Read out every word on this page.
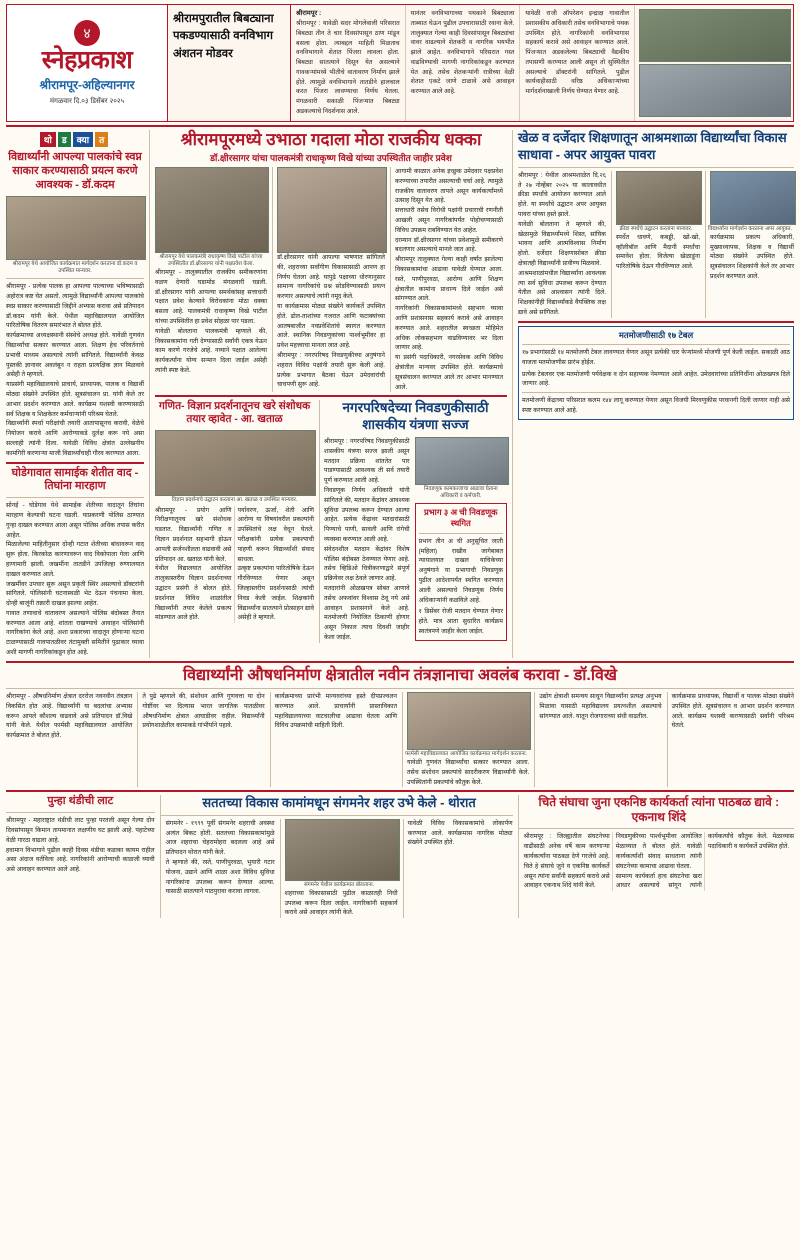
४
स्नेहप्रकाश
श्रीरामपूर-अहिल्यानगर
मंगळवार दि.०३ डिसेंबर २०२५
श्रीरामपुरातील बिबट्याना पकडण्यासाठी वनविभाग अंशतन मोडवर
श्रीरामपूर :
श्रीरामपूर : यावेळी सदर मोगलेवाली परिसरात बिबट्या तीन ते चार दिवसांपासून ठाण मांडून बसला होता. त्याबद्दल माहिती मिळताच वनविभागाने शेतात पिंजरा लावला होता. बिबट्या सातत्याने दिसून येत असल्याने गावकऱ्यांमध्ये भीतीचे वातावरण निर्माण झाले होते. त्यामुळे वनविभागाने तातडीने हालचाल करत पिंजरा लावण्याचा निर्णय घेतला. मंगळवारी सकाळी पिंजऱ्यात बिबट्या अडकल्याचे निदर्शनास आले.
यानंतर वनविभागाच्या पथकाने बिबट्याला ताब्यात घेऊन पुढील उपचारासाठी रवाना केले. तालुक्यात गेल्या काही दिवसांपासून बिबट्यांचा वावर वाढल्याने शेतकरी व नागरिक भयभीत झाले आहेत. वनविभागाने परिसरात गस्त वाढविण्याची मागणी नागरिकांकडून करण्यात येत आहे. तसेच शेतकऱ्यांनी रात्रीच्या वेळी शेतात एकटे जाणे टाळावे असे आवाहन करण्यात आले आहे.
यावेळी राजी ऑपरेशन इन्द्राक्ष गावातील प्रशासकीय अधिकारी तसेच वनविभागाचे पथक उपस्थित होते. नागरिकांनी वनविभागास सहकार्य करावे असे आवाहन करण्यात आले. पिंजऱ्यात अडकलेल्या बिबट्याची वैद्यकीय तपासणी करण्यात आली असून तो सुस्थितीत असल्याचे डॉक्टरांनी सांगितले. पुढील कार्यवाहीसाठी वरिष्ठ अधिकाऱ्यांच्या मार्गदर्शनाखाली निर्णय घेण्यात येणार आहे.
थो ड क्या त
विद्यार्थ्यांनी आपल्या पालकांचे स्वप्न साकार करण्यासाठी प्रयत्न करणे आवश्यक - डॉ.कदम
श्रीरामपूर येथे आयोजित कार्यक्रमात मार्गदर्शन करताना डॉ.कदम व उपस्थित मान्यवर.
श्रीरामपूर - प्रत्येक पालक हा आपल्या पाल्याच्या भविष्यासाठी अहोरात्र कष्ट घेत असतो. त्यामुळे विद्यार्थ्यांनी आपल्या पालकांचे स्वप्न साकार करण्यासाठी जिद्दीने अभ्यास करावा असे प्रतिपादन डॉ.कदम यांनी केले. येथील महाविद्यालयात आयोजित पारितोषिक वितरण समारंभात ते बोलत होते.
कार्यक्रमाच्या अध्यक्षस्थानी संस्थेचे अध्यक्ष होते. यावेळी गुणवंत विद्यार्थ्यांचा सत्कार करण्यात आला. शिक्षण हेच परिवर्तनाचे प्रभावी माध्यम असल्याचे त्यांनी सांगितले. विद्यार्थ्यांनी केवळ पुस्तकी ज्ञानावर अवलंबून न राहता प्रात्यक्षिक ज्ञान मिळवावे असेही ते म्हणाले.
याप्रसंगी महाविद्यालयाचे प्राचार्य, प्राध्यापक, पालक व विद्यार्थी मोठ्या संख्येने उपस्थित होते. सूत्रसंचालन प्रा. यांनी केले तर आभार प्रदर्शन करण्यात आले. कार्यक्रम यशस्वी करण्यासाठी सर्व शिक्षक व शिक्षकेतर कर्मचाऱ्यांनी परिश्रम घेतले.
विद्यार्थ्यांनी स्पर्धा परीक्षांची तयारी आतापासूनच करावी, वेळेचे नियोजन करावे आणि आरोग्याकडे दुर्लक्ष करू नये असा सल्लाही त्यांनी दिला. यावेळी विविध क्षेत्रांत उल्लेखनीय कामगिरी करणाऱ्या माजी विद्यार्थ्यांचाही गौरव करण्यात आला.
घोडेगावात सामाईक शेतीत वाद - तिघांना मारहाण
सोनई - घोडेगाव येथे सामाईक शेतीच्या वादातून तिघांना मारहाण केल्याची घटना घडली. याप्रकरणी पोलिस ठाण्यात गुन्हा दाखल करण्यात आला असून पोलिस अधिक तपास करीत आहेत.
मिळालेल्या माहितीनुसार दोन्ही गटात शेतीच्या बांधावरून वाद सुरू होता. किरकोळ कारणावरून वाद विकोपाला गेला आणि हाणामारी झाली. जखमींना तातडीने उपजिल्हा रुग्णालयात दाखल करण्यात आले.
जखमींवर उपचार सुरू असून प्रकृती स्थिर असल्याचे डॉक्टरांनी सांगितले. पोलिसांनी घटनास्थळी भेट देऊन पंचनामा केला. दोन्ही बाजूंनी तक्रारी दाखल झाल्या आहेत.
गावात तणावाचे वातावरण असल्याने पोलिस बंदोबस्त तैनात करण्यात आला आहे. शांतता राखण्याचे आवाहन पोलिसांनी नागरिकांना केले आहे. अशा प्रकारच्या वादातून होणाऱ्या घटना टाळण्यासाठी गावपातळीवर तंटामुक्ती समितीने पुढाकार घ्यावा अशी मागणी नागरिकांकडून होत आहे.
श्रीरामपूरमध्ये उभाठा गदाला मोठा राजकीय धक्का
डॉ.क्षीरसागर यांचा पालकमंत्री राधाकृष्ण विखे यांच्या उपस्थितीत जाहीर प्रवेश
श्रीरामपूर येथे पालकमंत्री राधाकृष्ण विखे पाटील यांच्या उपस्थितीत डॉ.क्षीरसागर यांनी पक्षप्रवेश केला.
श्रीरामपूर - तालुक्यातील राजकीय समीकरणांना वळण देणारी घडामोड मंगळवारी घडली. डॉ.क्षीरसागर यांनी आपल्या समर्थकांसह सत्ताधारी पक्षात प्रवेश केल्याने विरोधकांना मोठा धक्का बसला आहे. पालकमंत्री राधाकृष्ण विखे पाटील यांच्या उपस्थितीत हा प्रवेश सोहळा पार पडला.
यावेळी बोलताना पालकमंत्री म्हणाले की, विकासकामांना गती देण्यासाठी सर्वांनी एकत्र येऊन काम करणे गरजेचे आहे. नव्याने पक्षात आलेल्या कार्यकर्त्यांना योग्य सन्मान दिला जाईल असेही त्यांनी स्पष्ट केले.
डॉ.क्षीरसागर यांनी आपल्या भाषणात सांगितले की, शहराच्या सर्वांगीण विकासासाठी आपण हा निर्णय घेतला आहे. यापुढे पक्षाच्या धोरणानुसार सामान्य नागरिकांचे प्रश्न सोडविण्यासाठी प्रयत्न करणार असल्याचे त्यांनी नमूद केले.
या कार्यक्रमास मोठ्या संख्येने कार्यकर्ते उपस्थित होते. ढोल-ताशांच्या गजरात आणि फटाक्यांच्या आतषबाजीत नवप्रवेशितांचे स्वागत करण्यात आले. स्थानिक निवडणुकांच्या पार्श्वभूमीवर हा प्रवेश महत्त्वाचा मानला जात आहे.
श्रीरामपूर : नगरपरिषद निवडणुकीच्या अनुषंगाने शहरात विविध पक्षांनी तयारी सुरू केली आहे. प्रत्येक प्रभागात बैठका घेऊन उमेदवारांची चाचपणी सुरू आहे.
आगामी काळात अनेक इच्छुक उमेदवार पक्षप्रवेश करण्याच्या तयारीत असल्याची चर्चा आहे. त्यामुळे राजकीय वातावरण तापले असून कार्यकर्त्यांमध्ये उत्साह दिसून येत आहे.
सत्ताधारी तसेच विरोधी पक्षांनी प्रचाराची रणनीती आखली असून नागरिकांपर्यंत पोहोचण्यासाठी विविध उपक्रम राबविण्यात येत आहेत.
दरम्यान डॉ.क्षीरसागर यांच्या प्रवेशामुळे समीकरणे बदलणार असल्याचे मानले जात आहे.
श्रीरामपूर तालुक्यात गेल्या काही वर्षांत झालेल्या विकासकामांचा आढावा यावेळी घेण्यात आला. रस्ते, पाणीपुरवठा, आरोग्य आणि शिक्षण क्षेत्रातील कामांना प्राधान्य दिले जाईल असे सांगण्यात आले.
नागरिकांनी विकासकामांमध्ये सहभाग घ्यावा आणि प्रशासनास सहकार्य करावे असे आवाहन करण्यात आले. शहरातील स्वच्छता मोहिमेत अधिक लोकसहभाग वाढविण्यावर भर दिला जाणार आहे.
या प्रसंगी पदाधिकारी, नगरसेवक आणि विविध क्षेत्रांतील मान्यवर उपस्थित होते. कार्यक्रमाचे सूत्रसंचालन करण्यात आले तर आभार मानण्यात आले.
गणित- विज्ञान प्रदर्शनातूनच खरे संशोधक तयार व्हावेत - आ. खताळ
विज्ञान प्रदर्शनाचे उद्घाटन करताना आ. खताळ व उपस्थित मान्यवर.
श्रीरामपूर - प्रयोग आणि निरीक्षणातूनच खरे संशोधक घडतात. विद्यार्थ्यांनी गणित व विज्ञान प्रदर्शनात सहभागी होऊन आपली सर्जनशीलता वाढवावी असे प्रतिपादन आ. खताळ यांनी केले.
येथील विद्यालयात आयोजित तालुकास्तरीय विज्ञान प्रदर्शनाच्या उद्घाटन प्रसंगी ते बोलत होते. प्रदर्शनात विविध शाळांतील विद्यार्थ्यांनी तयार केलेले प्रकल्प मांडण्यात आले होते.
पर्यावरण, ऊर्जा, शेती आणि आरोग्य या विषयांवरील प्रकल्पांनी उपस्थितांचे लक्ष वेधून घेतले. परीक्षकांनी प्रत्येक प्रकल्पाची पाहणी करून विद्यार्थ्यांशी संवाद साधला.
उत्कृष्ट प्रकल्पांना पारितोषिके देऊन गौरविण्यात येणार असून जिल्हास्तरीय प्रदर्शनासाठी त्यांची निवड केली जाईल. शिक्षकांनी विद्यार्थ्यांना सातत्याने प्रोत्साहन द्यावे असेही ते म्हणाले.
नगरपरिषदेच्या निवडणुकीसाठी शासकीय यंत्रणा सज्ज
श्रीरामपूर : नगरपरिषद निवडणुकीसाठी शासकीय यंत्रणा सज्ज झाली असून मतदान प्रक्रिया शांततेत पार पाडण्यासाठी आवश्यक ती सर्व तयारी पूर्ण करण्यात आली आहे.
निवडणूक निर्णय अधिकारी यांनी सांगितले की, मतदान केंद्रांवर आवश्यक सुविधा उपलब्ध करून देण्यात आल्या आहेत. प्रत्येक केंद्रावर मतदारांसाठी पिण्याचे पाणी, सावली आणि रांगेची व्यवस्था करण्यात आली आहे.
संवेदनशील मतदान केंद्रांवर विशेष पोलिस बंदोबस्त ठेवण्यात येणार आहे. तसेच व्हिडिओ चित्रीकरणाद्वारे संपूर्ण प्रक्रियेवर लक्ष ठेवले जाणार आहे.
मतदारांनी ओळखपत्र सोबत आणावे तसेच अफवांवर विश्वास ठेवू नये असे आवाहन प्रशासनाने केले आहे. मतमोजणी नियोजित ठिकाणी होणार असून निकाल त्याच दिवशी जाहीर केला जाईल.
निवडणूक कामकाजाचा आढावा घेताना अधिकारी व कर्मचारी.
प्रभाग ३ अ ची निवडणूक स्थगित
प्रभाग तीन अ ची अनुसूचित जाती (महिला) राखीव जागेबाबत न्यायालयात दाखल याचिकेच्या अनुषंगाने या प्रभागाची निवडणूक पुढील आदेशापर्यंत स्थगित करण्यात आली असल्याचे निवडणूक निर्णय अधिकाऱ्यांनी कळविले आहे.
१ डिसेंबर रोजी मतदान घेण्यात येणार होते. मात्र आता सुधारित कार्यक्रम स्वतंत्रपणे जाहीर केला जाईल.
खेळ व दर्जेदार शिक्षणातून आश्रमशाळा विद्यार्थ्यांचा विकास साधावा - अपर आयुक्त पावरा
श्रीरामपूर : येथील आश्रमशाळेत दि.२६ ते २७ नोव्हेंबर २०२५ या कालावधीत क्रीडा स्पर्धांचे आयोजन करण्यात आले होते. या स्पर्धांचे उद्घाटन अपर आयुक्त पावरा यांच्या हस्ते झाले.
यावेळी बोलताना ते म्हणाले की, खेळामुळे विद्यार्थ्यांमध्ये शिस्त, सांघिक भावना आणि आत्मविश्वास निर्माण होतो. दर्जेदार शिक्षणासोबत क्रीडा क्षेत्रातही विद्यार्थ्यांनी प्रावीण्य मिळवावे.
आश्रमशाळांमधील विद्यार्थ्यांना आवश्यक त्या सर्व सुविधा उपलब्ध करून देण्यात येतील असे आश्वासन त्यांनी दिले. शिक्षकांनीही विद्यार्थ्यांकडे वैयक्तिक लक्ष द्यावे असे सांगितले.
क्रीडा स्पर्धेचे उद्घाटन करताना मान्यवर.
स्पर्धेत धावणे, कबड्डी, खो-खो, व्हॉलीबॉल आणि मैदानी स्पर्धांचा समावेश होता. विजेत्या खेळाडूंना पारितोषिके देऊन गौरविण्यात आले.
विद्यार्थ्यांना मार्गदर्शन करताना अपर आयुक्त.
कार्यक्रमास प्रकल्प अधिकारी, मुख्याध्यापक, शिक्षक व विद्यार्थी मोठ्या संख्येने उपस्थित होते. सूत्रसंचालन शिक्षकांनी केले तर आभार प्रदर्शन करण्यात आले.
मतमोजणीसाठी १७ टेबल
१७ प्रभागांसाठी १४ मतमोजणी टेबल लावण्यात येणार असून प्रत्येकी चार फेऱ्यांमध्ये मोजणी पूर्ण केली जाईल. सकाळी आठ वाजता मतमोजणीस प्रारंभ होईल.
प्रत्येक टेबलवर एक मतमोजणी पर्यवेक्षक व दोन सहाय्यक नेमण्यात आले आहेत. उमेदवारांच्या प्रतिनिधींना ओळखपत्र दिले जाणार आहे.
मतमोजणी केंद्राच्या परिसरात कलम १४४ लागू करण्यात येणार असून विजयी मिरवणुकीस परवानगी दिली जाणार नाही असे स्पष्ट करण्यात आले आहे.
विद्यार्थ्यांनी औषधनिर्माण क्षेत्रातील नवीन तंत्रज्ञानाचा अवलंब करावा - डॉ.विखे
श्रीरामपूर - औषधनिर्माण क्षेत्रात दररोज नवनवीन तंत्रज्ञान विकसित होत आहे. विद्यार्थ्यांनी या बदलांचा अभ्यास करून आपले कौशल्य वाढवावे असे प्रतिपादन डॉ.विखे यांनी केले. येथील फार्मसी महाविद्यालयात आयोजित कार्यक्रमात ते बोलत होते.
ते पुढे म्हणाले की, संशोधन आणि गुणवत्ता या दोन गोष्टींवर भर दिल्यास भारत जागतिक पातळीवर औषधनिर्माण क्षेत्रात आघाडीवर राहील. विद्यार्थ्यांनी प्रयोगशाळेतील कामाकडे गांभीर्याने पहावे.
कार्यक्रमाच्या प्रारंभी मान्यवरांच्या हस्ते दीपप्रज्वलन करण्यात आले. प्राचार्यांनी प्रास्ताविकात महाविद्यालयाच्या वाटचालीचा आढावा घेतला आणि विविध उपक्रमांची माहिती दिली.
फार्मसी महाविद्यालयात आयोजित कार्यक्रमात मार्गदर्शन करताना.
यावेळी गुणवंत विद्यार्थ्यांचा सत्कार करण्यात आला. तसेच संशोधन प्रकल्पांचे सादरीकरण विद्यार्थ्यांनी केले. उपस्थितांनी प्रकल्पांचे कौतुक केले.
उद्योग क्षेत्राशी समन्वय साधून विद्यार्थ्यांना प्रत्यक्ष अनुभव मिळावा यासाठी महाविद्यालय प्रयत्नशील असल्याचे सांगण्यात आले. यातून रोजगाराच्या संधी वाढतील.
कार्यक्रमास प्राध्यापक, विद्यार्थी व पालक मोठ्या संख्येने उपस्थित होते. सूत्रसंचालन व आभार प्रदर्शन करण्यात आले. कार्यक्रम यशस्वी करण्यासाठी सर्वांनी परिश्रम घेतले.
पुन्हा थंडीची लाट
श्रीरामपूर - महाराष्ट्रात थंडीची लाट पुन्हा परतली असून गेल्या दोन दिवसांपासून किमान तापमानात लक्षणीय घट झाली आहे. पहाटेच्या वेळी गारठा वाढला आहे.
हवामान विभागाने पुढील काही दिवस थंडीचा कडाका कायम राहील असा अंदाज वर्तविला आहे. नागरिकांनी आरोग्याची काळजी घ्यावी असे आवाहन करण्यात आले आहे.
सततच्या विकास कामांमधून संगमनेर शहर उभे केले - थोरात
संगमनेर - १९९९ पूर्वी संगमनेर शहराची अवस्था अत्यंत बिकट होती. सततच्या विकासकामांमुळे आज शहराचा चेहरामोहरा बदलला आहे असे प्रतिपादन थोरात यांनी केले.
ते म्हणाले की, रस्ते, पाणीपुरवठा, भुयारी गटार योजना, उद्याने आणि शाळा अशा विविध सुविधा नागरिकांना उपलब्ध करून देण्यात आल्या. यासाठी सातत्याने पाठपुरावा करावा लागला.
संगमनेर येथील कार्यक्रमात बोलताना.
शहराच्या विकासासाठी पुढील काळातही निधी उपलब्ध करून दिला जाईल. नागरिकांनी सहकार्य करावे असे आवाहन त्यांनी केले.
यावेळी विविध विकासकामांचे लोकार्पण करण्यात आले. कार्यक्रमास नागरिक मोठ्या संख्येने उपस्थित होते.
चिते संघाचा जुना एकनिष्ठ कार्यकर्ता त्यांना पाठबळ द्यावे : एकनाथ शिंदे
श्रीरामपूर : जिल्ह्यातील संघटनेच्या वाढीसाठी अनेक वर्षे काम करणाऱ्या कार्यकर्त्यांना पाठबळ देणे गरजेचे आहे. चिते हे संघाचे जुने व एकनिष्ठ कार्यकर्ते असून त्यांना सर्वांनी सहकार्य करावे असे आवाहन एकनाथ शिंदे यांनी केले.
निवडणुकीच्या पार्श्वभूमीवर आयोजित मेळाव्यात ते बोलत होते. यावेळी कार्यकर्त्यांशी संवाद साधताना त्यांनी संघटनेच्या कामाचा आढावा घेतला.
सामान्य कार्यकर्ता हाच संघटनेचा खरा आधार असल्याचे सांगून त्यांनी कार्यकर्त्यांचे कौतुक केले. मेळाव्यास पदाधिकारी व कार्यकर्ते उपस्थित होते.
